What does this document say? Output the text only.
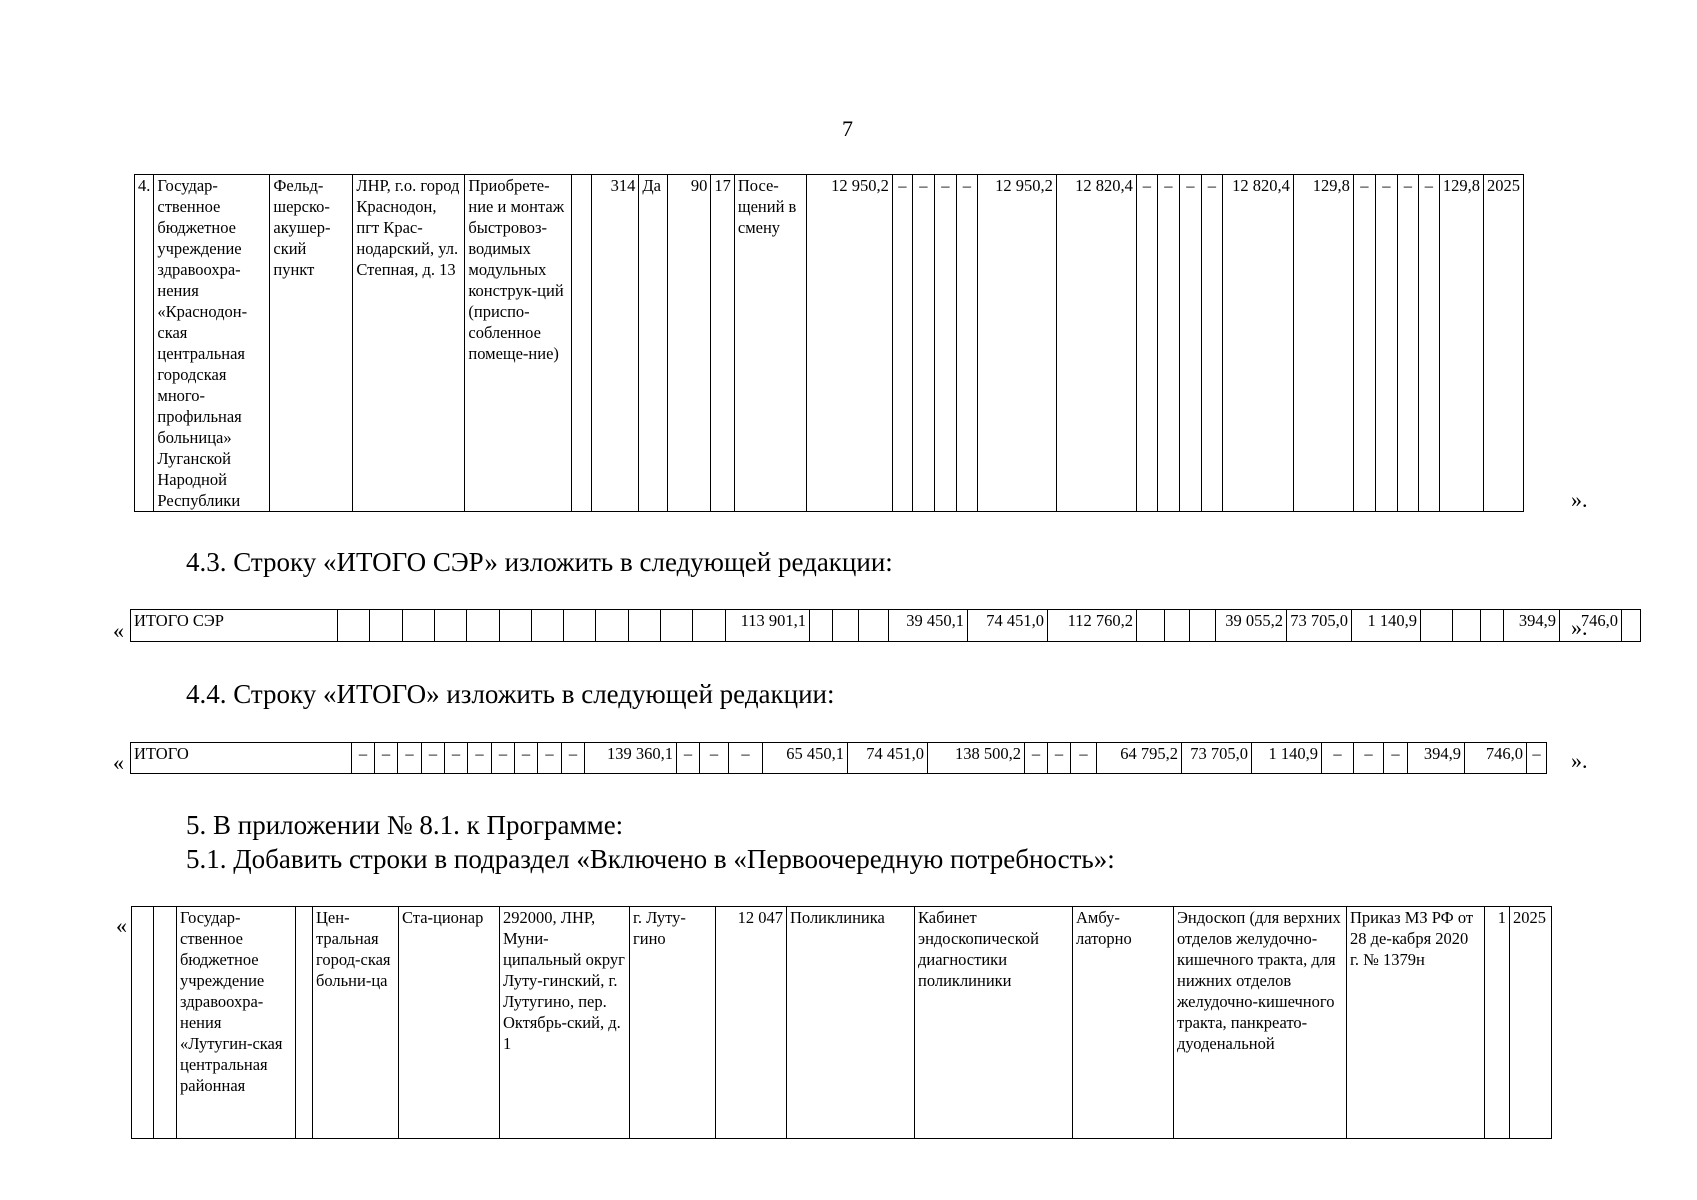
7
4.	Государ-ственное бюджетное учреждение здравоохра-нения «Краснодон-ская центральная городская много-профильная больница» Луганской Народной Республики	Фельд-шерско-акушер-ский пункт	ЛНР, г.о. город Краснодон, пгт Крас-нодарский, ул. Степная, д. 13	Приобрете-ние и монтаж быстровоз-водимых модульных конструк-ций (приспо-собленное помеще-ние)		314	Да	90	17	Посе-щений в смену	12 950,2	–	–	–	–	12 950,2	12 820,4	–	–	–	–	12 820,4	129,8	–	–	–	–	129,8	2025
».
4.3. Строку «ИТОГО СЭР» изложить в следующей редакции:
« ИТОГО СЭР													113 901,1				39 450,1	74 451,0	112 760,2				39 055,2	73 705,0	1 140,9				394,9	746,0	
».
4.4. Строку «ИТОГО» изложить в следующей редакции:
« ИТОГО	–	–	–	–	–	–	–	–	–	–	139 360,1	–	–	–	65 450,1	74 451,0	138 500,2	–	–	–	64 795,2	73 705,0	1 140,9	–	–	–	394,9	746,0	– ».
5. В приложении № 8.1. к Программе:
5.1. Добавить строки в подраздел «Включено в «Первоочередную потребность»:
«
			Государ-ственное бюджетное учреждение здравоохра-нения «Лутугин-ская центральная районная		Цен-тральная город-ская больни-ца	Ста-ционар	292000, ЛНР, Муни-ципальный округ Луту-гинский, г. Лутугино, пер. Октябрь-ский, д. 1	г. Луту-гино	12 047	Поликлиника	Кабинет эндоскопической диагностики поликлиники	Амбу-латорно	Эндоскоп (для верхних отделов желудочно-кишечного тракта, для нижних отделов желудочно-кишечного тракта, панкреато-дуоденальной	Приказ МЗ РФ от 28 де-кабря 2020 г. № 1379н	1	2025
